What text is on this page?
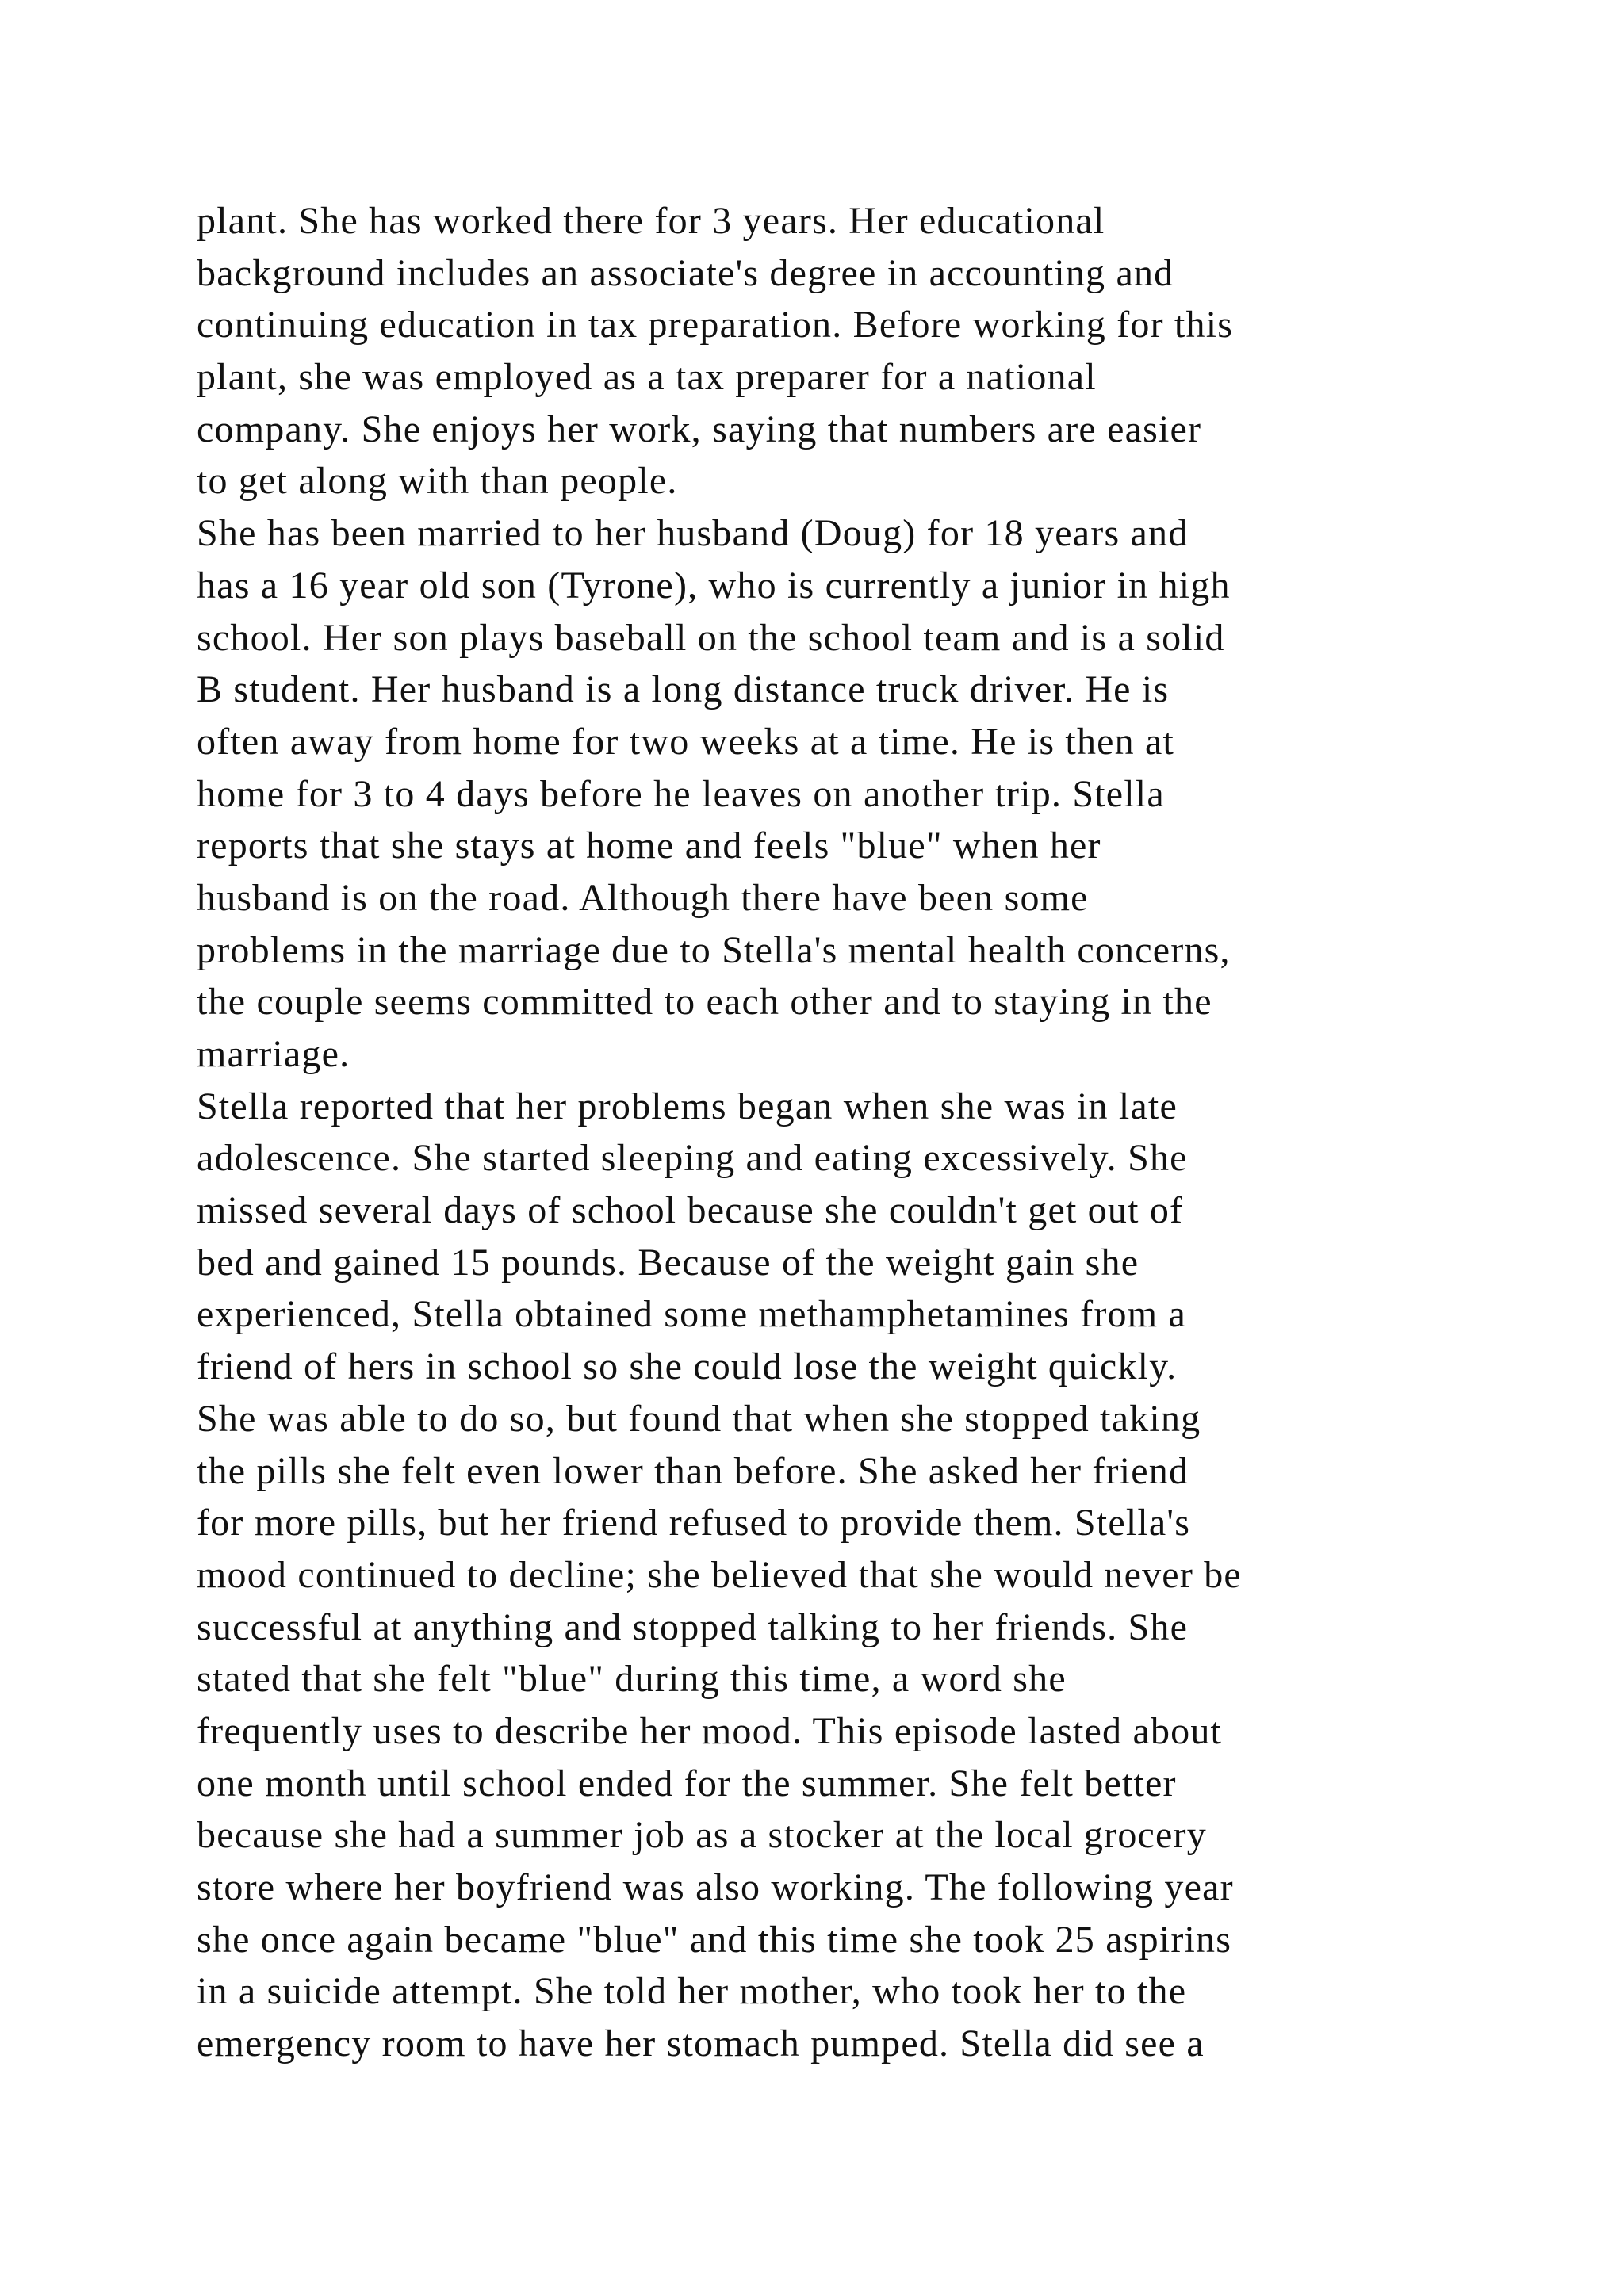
plant. She has worked there for 3 years. Her educational
background includes an associate's degree in accounting and
continuing education in tax preparation. Before working for this
plant, she was employed as a tax preparer for a national
company. She enjoys her work, saying that numbers are easier
to get along with than people.
She has been married to her husband (Doug) for 18 years and
has a 16 year old son (Tyrone), who is currently a junior in high
school. Her son plays baseball on the school team and is a solid
B student. Her husband is a long distance truck driver. He is
often away from home for two weeks at a time. He is then at
home for 3 to 4 days before he leaves on another trip. Stella
reports that she stays at home and feels "blue" when her
husband is on the road. Although there have been some
problems in the marriage due to Stella's mental health concerns,
the couple seems committed to each other and to staying in the
marriage.
Stella reported that her problems began when she was in late
adolescence. She started sleeping and eating excessively. She
missed several days of school because she couldn't get out of
bed and gained 15 pounds. Because of the weight gain she
experienced, Stella obtained some methamphetamines from a
friend of hers in school so she could lose the weight quickly.
She was able to do so, but found that when she stopped taking
the pills she felt even lower than before. She asked her friend
for more pills, but her friend refused to provide them. Stella's
mood continued to decline; she believed that she would never be
successful at anything and stopped talking to her friends. She
stated that she felt "blue" during this time, a word she
frequently uses to describe her mood. This episode lasted about
one month until school ended for the summer. She felt better
because she had a summer job as a stocker at the local grocery
store where her boyfriend was also working. The following year
she once again became "blue" and this time she took 25 aspirins
in a suicide attempt. She told her mother, who took her to the
emergency room to have her stomach pumped. Stella did see a
